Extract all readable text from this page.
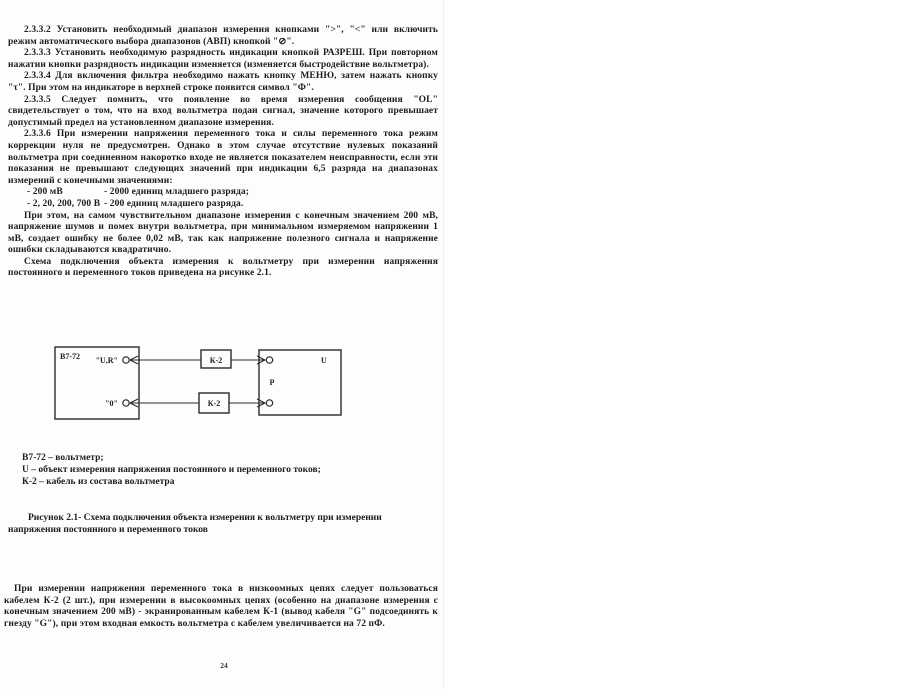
2.3.3.2 Установить необходимый диапазон измерения кнопками ">", "<" или включить режим автоматического выбора диапазонов (АВП) кнопкой "⊘".

2.3.3.3 Установить необходимую разрядность индикации кнопкой РАЗРЕШ. При повторном нажатии кнопки разрядность индикации изменяется (изменяется быстродействие вольтметра).

2.3.3.4 Для включения фильтра необходимо нажать кнопку МЕНЮ, затем нажать кнопку "τ". При этом на индикаторе в верхней строке появится символ "Ф".

2.3.3.5 Следует помнить, что появление во время измерения сообщения "OL" свидетельствует о том, что на вход вольтметра подан сигнал, значение которого превышает допустимый предел на установленном диапазоне измерения.

2.3.3.6 При измерении напряжения переменного тока и силы переменного тока режим коррекции нуля не предусмотрен. Однако в этом случае отсутствие нулевых показаний вольтметра при соединенном накоротко входе не является показателем неисправности, если эти показания не превышают следующих значений при индикации 6,5 разряда на диапазонах измерений с конечными значениями:

- 200 мВ	- 2000 единиц младшего разряда;
- 2, 20, 200, 700 В - 200 единиц младшего разряда.

При этом, на самом чувствительном диапазоне измерения с конечным значением 200 мВ, напряжение шумов и помех внутри вольтметра, при минимальном измеряемом напряжении 1 мВ, создает ошибку не более 0,02 мВ, так как напряжение полезного сигнала и напряжение ошибки складываются квадратично.

Схема подключения объекта измерения к вольтметру при измерении напряжения постоянного и переменного токов приведена на рисунке 2.1.

В7-72 "U,R"
"0"
К-2
К-2
U
Р
В7-72 – вольтметр;
U – объект измерения напряжения постоянного и переменного токов;
К-2 – кабель из состава вольтметра
Рисунок 2.1- Схема подключения объекта измерения к вольтметру при измерении напряжения постоянного и переменного токов

При измерении напряжения переменного тока в низкоомных цепях следует пользоваться кабелем К-2 (2 шт.), при измерении в высокоомных цепях (особенно на диапазоне измерения с конечным значением 200 мВ) - экранированным кабелем К-1 (вывод кабеля "G" подсоединять к гнезду "G"), при этом входная емкость вольтметра с кабелем увеличивается на 72 пФ.

24
